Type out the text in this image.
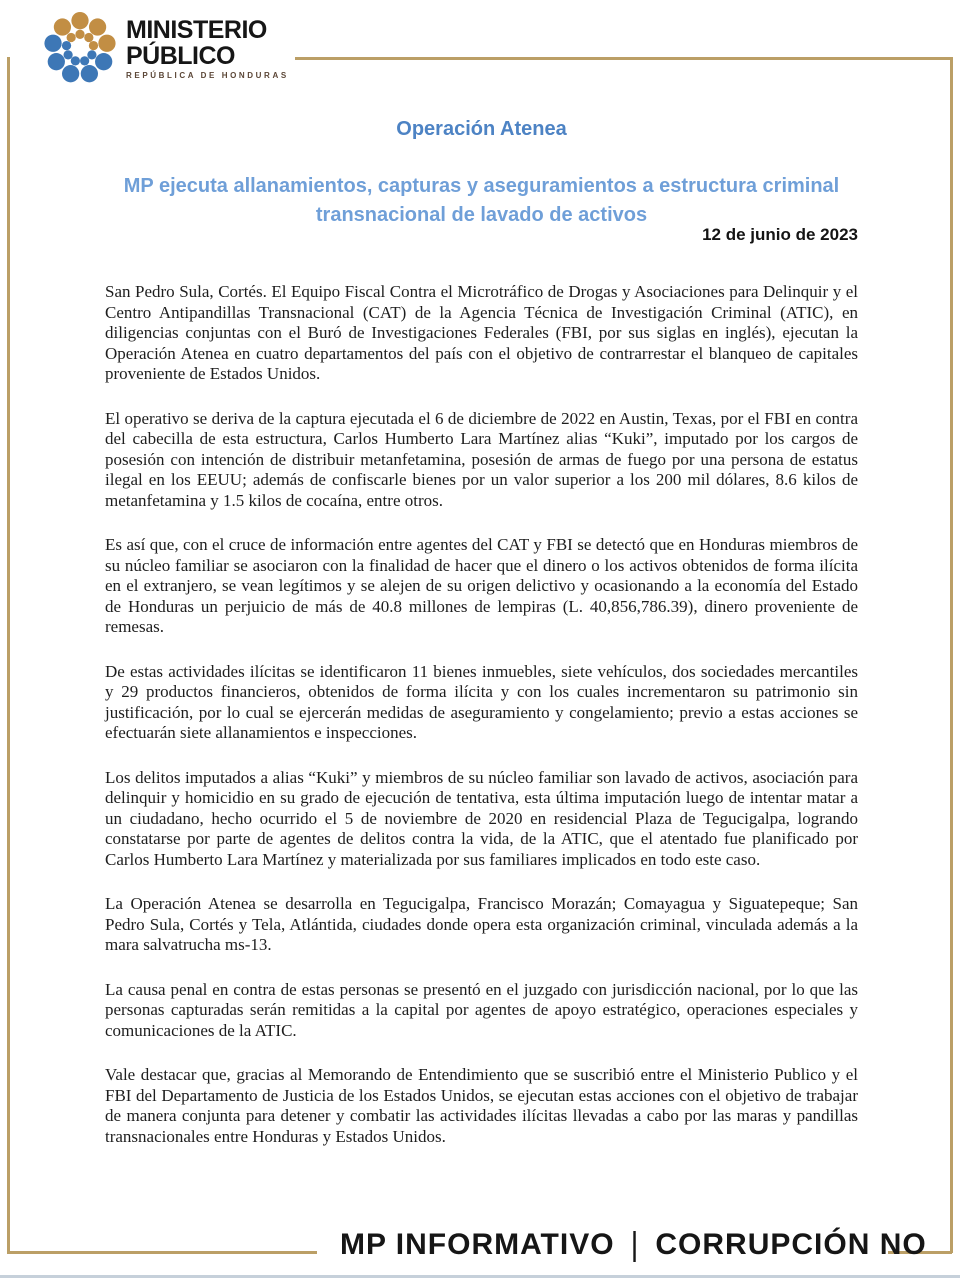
MINISTERIO
PÚBLICO
REPÚBLICA DE HONDURAS
Operación Atenea
MP ejecuta allanamientos, capturas y aseguramientos a estructura criminal transnacional de lavado de activos
12 de junio de 2023

San Pedro Sula, Cortés. El Equipo Fiscal Contra el Microtráfico de Drogas y Asociaciones para Delinquir y el Centro Antipandillas Transnacional (CAT) de la Agencia Técnica de Investigación Criminal (ATIC), en diligencias conjuntas con el Buró de Investigaciones Federales (FBI, por sus siglas en inglés), ejecutan la Operación Atenea en cuatro departamentos del país con el objetivo de contrarrestar el blanqueo de capitales proveniente de Estados Unidos.

El operativo se deriva de la captura ejecutada el 6 de diciembre de 2022 en Austin, Texas, por el FBI en contra del cabecilla de esta estructura, Carlos Humberto Lara Martínez alias “Kuki”, imputado por los cargos de posesión con intención de distribuir metanfetamina, posesión de armas de fuego por una persona de estatus ilegal en los EEUU; además de confiscarle bienes por un valor superior a los 200 mil dólares, 8.6 kilos de metanfetamina y 1.5 kilos de cocaína, entre otros.

Es así que, con el cruce de información entre agentes del CAT y FBI se detectó que en Honduras miembros de su núcleo familiar se asociaron con la finalidad de hacer que el dinero o los activos obtenidos de forma ilícita en el extranjero, se vean legítimos y se alejen de su origen delictivo y ocasionando a la economía del Estado de Honduras un perjuicio de más de 40.8 millones de lempiras (L. 40,856,786.39), dinero proveniente de remesas.

De estas actividades ilícitas se identificaron 11 bienes inmuebles, siete vehículos, dos sociedades mercantiles y 29 productos financieros, obtenidos de forma ilícita y con los cuales incrementaron su patrimonio sin justificación, por lo cual se ejercerán medidas de aseguramiento y congelamiento; previo a estas acciones se efectuarán siete allanamientos e inspecciones.

Los delitos imputados a alias “Kuki” y miembros de su núcleo familiar son lavado de activos, asociación para delinquir y homicidio en su grado de ejecución de tentativa, esta última imputación luego de intentar matar a un ciudadano, hecho ocurrido el 5 de noviembre de 2020 en residencial Plaza de Tegucigalpa, logrando constatarse por parte de agentes de delitos contra la vida, de la ATIC, que el atentado fue planificado por Carlos Humberto Lara Martínez y materializada por sus familiares implicados en todo este caso.

La Operación Atenea se desarrolla en Tegucigalpa, Francisco Morazán; Comayagua y Siguatepeque; San Pedro Sula, Cortés y Tela, Atlántida, ciudades donde opera esta organización criminal, vinculada además a la mara salvatrucha ms-13.

La causa penal en contra de estas personas se presentó en el juzgado con jurisdicción nacional, por lo que las personas capturadas serán remitidas a la capital por agentes de apoyo estratégico, operaciones especiales y comunicaciones de la ATIC.

Vale destacar que, gracias al Memorando de Entendimiento que se suscribió entre el Ministerio Publico y el FBI del Departamento de Justicia de los Estados Unidos, se ejecutan estas acciones con el objetivo de trabajar de manera conjunta para detener y combatir las actividades ilícitas llevadas a cabo por las maras y pandillas transnacionales entre Honduras y Estados Unidos.

MP INFORMATIVO | CORRUPCIÓN NO
